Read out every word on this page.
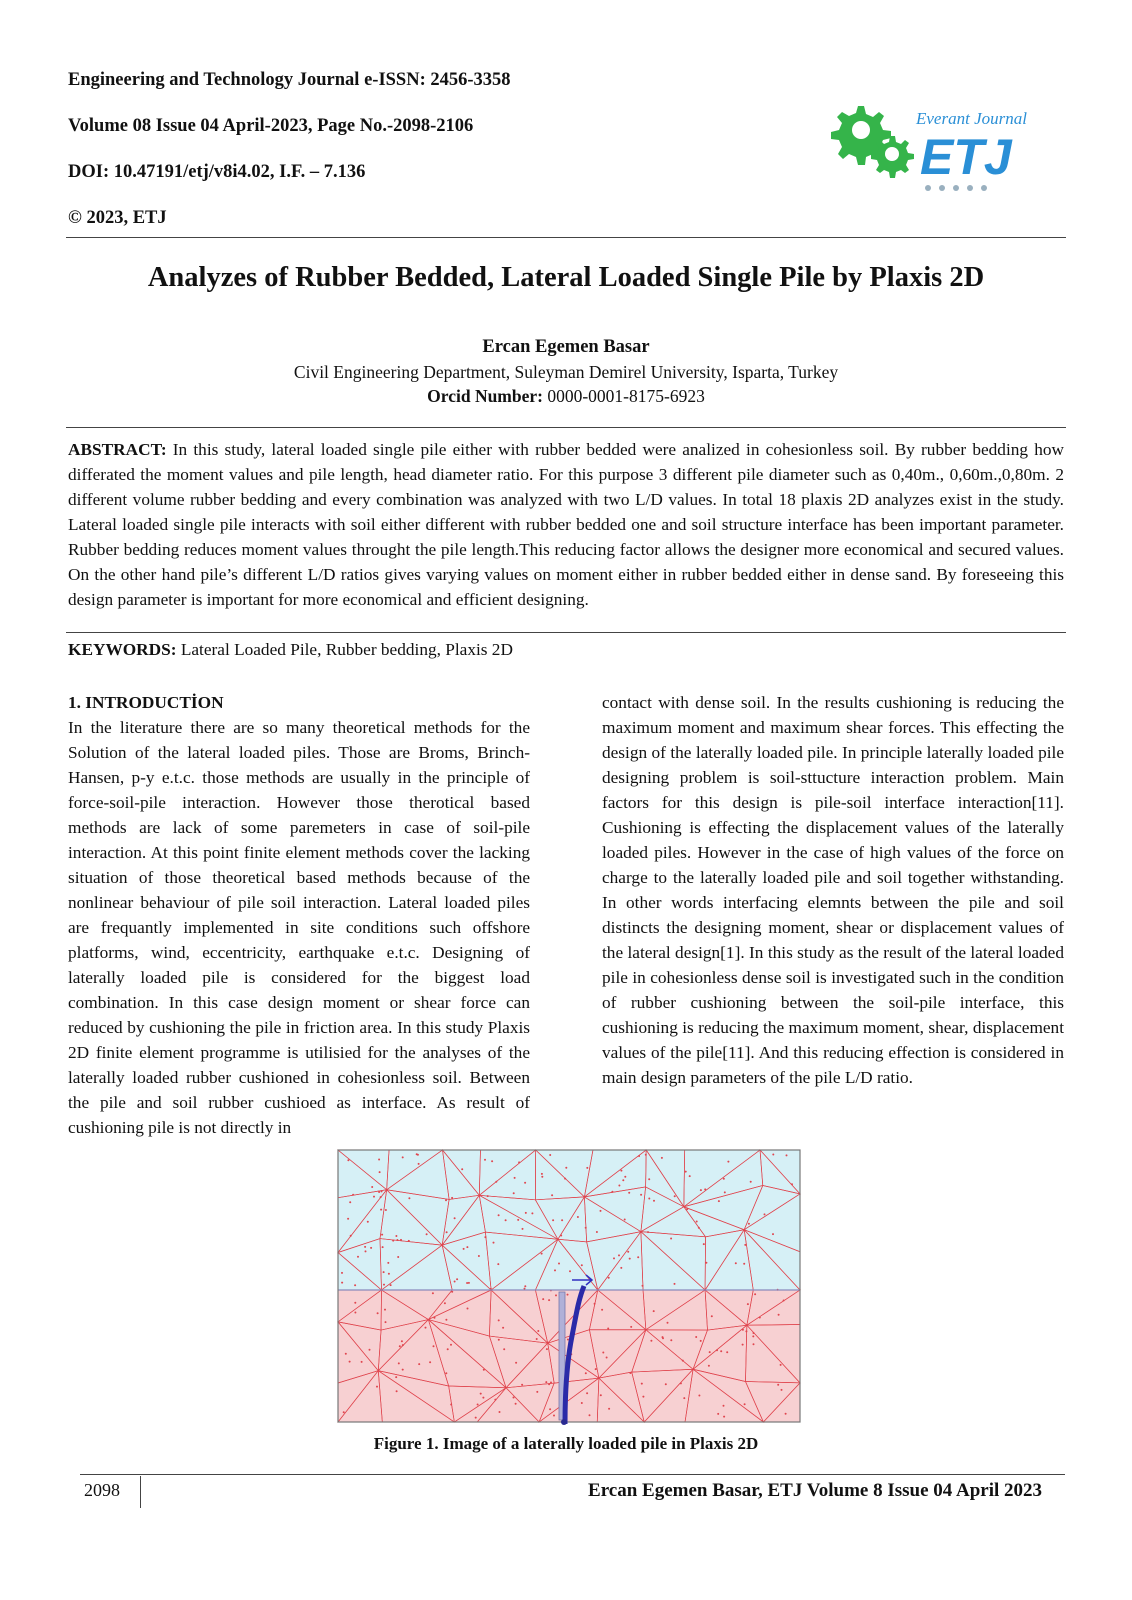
Engineering and Technology Journal e-ISSN: 2456-3358
Volume 08 Issue 04 April-2023, Page No.-2098-2106
DOI: 10.47191/etj/v8i4.02, I.F. – 7.136
© 2023, ETJ
Everant Journal
ETJ
Analyzes of Rubber Bedded, Lateral Loaded Single Pile by Plaxis 2D
Ercan Egemen Basar
Civil Engineering Department, Suleyman Demirel University, Isparta, Turkey
Orcid Number: 0000-0001-8175-6923

ABSTRACT: In this study, lateral loaded single pile either with rubber bedded were analized in cohesionless soil. By rubber bedding how differated the moment values and pile length, head diameter ratio. For this purpose 3 different pile diameter such as 0,40m., 0,60m.,0,80m. 2 different volume rubber bedding and every combination was analyzed with two L/D values. In total 18 plaxis 2D analyzes exist in the study. Lateral loaded single pile interacts with soil either different with rubber bedded one and soil structure interface has been important parameter. Rubber bedding reduces moment values throught the pile length.This reducing factor allows the designer more economical and secured values. On the other hand pile’s different L/D ratios gives varying values on moment either in rubber bedded either in dense sand. By foreseeing this design parameter is important for more economical and efficient designing.

KEYWORDS: Lateral Loaded Pile, Rubber bedding, Plaxis 2D

1. INTRODUCTİON
In the literature there are so many theoretical methods for the Solution of the lateral loaded piles. Those are Broms, Brinch-Hansen, p-y e.t.c. those methods are usually in the principle of force-soil-pile interaction. However those therotical based methods are lack of some paremeters in case of soil-pile interaction. At this point finite element methods cover the lacking situation of those theoretical based methods because of the nonlinear behaviour of pile soil interaction. Lateral loaded piles are frequantly implemented in site conditions such offshore platforms, wind, eccentricity, earthquake e.t.c. Designing of laterally loaded pile is considered for the biggest load combination. In this case design moment or shear force can reduced by cushioning the pile in friction area. In this study Plaxis 2D finite element programme is utilisied for the analyses of the laterally loaded rubber cushioned in cohesionless soil. Between the pile and soil rubber cushioed as interface. As result of cushioning pile is not directly in
contact with dense soil. In the results cushioning is reducing the maximum moment and maximum shear forces. This effecting the design of the laterally loaded pile. In principle laterally loaded pile designing problem is soil-sttucture interaction problem. Main factors for this design is pile-soil interface interaction[11]. Cushioning is effecting the displacement values of the laterally loaded piles. However in the case of high values of the force on charge to the laterally loaded pile and soil together withstanding. In other words interfacing elemnts between the pile and soil distincts the designing moment, shear or displacement values of the lateral design[1]. In this study as the result of the lateral loaded pile in cohesionless dense soil is investigated such in the condition of rubber cushioning between the soil-pile interface, this cushioning is reducing the maximum moment, shear, displacement values of the pile[11]. And this reducing effection is considered in main design parameters of the pile L/D ratio.
Figure 1. Image of a laterally loaded pile in Plaxis 2D
2098	Ercan Egemen Basar, ETJ Volume 8 Issue 04 April 2023
